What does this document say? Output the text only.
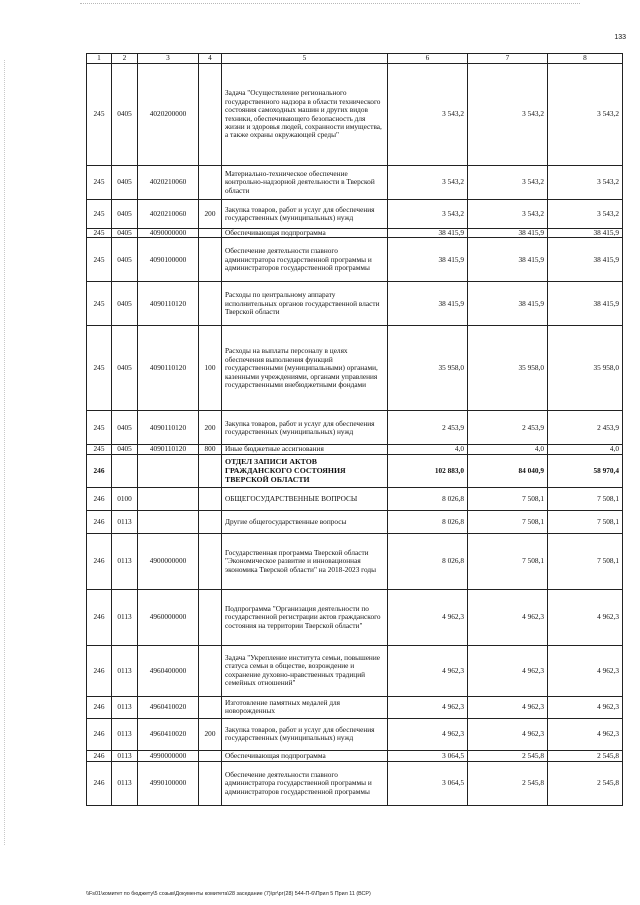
133
1	2	3	4	5	6	7	8
245	0405	4020200000		Задача "Осуществление регионального государственного надзора в области технического состояния самоходных машин и других видов техники, обеспечивающего безопасность для жизни и здоровья людей, сохранности имущества, а также охраны окружающей среды"	3 543,2	3 543,2	3 543,2
245	0405	4020210060		Материально-техническое обеспечение контрольно-надзорной деятельности в Тверской области	3 543,2	3 543,2	3 543,2
245	0405	4020210060	200	Закупка товаров, работ и услуг для обеспечения государственных (муниципальных) нужд	3 543,2	3 543,2	3 543,2
245	0405	4090000000		Обеспечивающая подпрограмма	38 415,9	38 415,9	38 415,9
245	0405	4090100000		Обеспечение деятельности главного администратора государственной программы и администраторов государственной программы	38 415,9	38 415,9	38 415,9
245	0405	4090110120		Расходы по центральному аппарату исполнительных органов государственной власти Тверской области	38 415,9	38 415,9	38 415,9
245	0405	4090110120	100	Расходы на выплаты персоналу в целях обеспечения выполнения функций государственными (муниципальными) органами, казенными учреждениями, органами управления государственными внебюджетными фондами	35 958,0	35 958,0	35 958,0
245	0405	4090110120	200	Закупка товаров, работ и услуг для обеспечения государственных (муниципальных) нужд	2 453,9	2 453,9	2 453,9
245	0405	4090110120	800	Иные бюджетные ассигнования	4,0	4,0	4,0
246				ОТДЕЛ ЗАПИСИ АКТОВ ГРАЖДАНСКОГО СОСТОЯНИЯ ТВЕРСКОЙ ОБЛАСТИ	102 883,0	84 040,9	58 970,4
246	0100			ОБЩЕГОСУДАРСТВЕННЫЕ ВОПРОСЫ	8 026,8	7 508,1	7 508,1
246	0113			Другие общегосударственные вопросы	8 026,8	7 508,1	7 508,1
246	0113	4900000000		Государственная программа Тверской области "Экономическое развитие и инновационная экономика Тверской области" на 2018-2023 годы	8 026,8	7 508,1	7 508,1
246	0113	4960000000		Подпрограмма "Организация деятельности по государственной регистрации актов гражданского состояния на территории Тверской области"	4 962,3	4 962,3	4 962,3
246	0113	4960400000		Задача "Укрепление института семьи, повышение статуса семьи в обществе, возрождение и сохранение духовно-нравственных традиций семейных отношений"	4 962,3	4 962,3	4 962,3
246	0113	4960410020		Изготовление памятных медалей для новорожденных	4 962,3	4 962,3	4 962,3
246	0113	4960410020	200	Закупка товаров, работ и услуг для обеспечения государственных (муниципальных) нужд	4 962,3	4 962,3	4 962,3
246	0113	4990000000		Обеспечивающая подпрограмма	3 064,5	2 545,8	2 545,8
246	0113	4990100000		Обеспечение деятельности главного администратора государственной программы и администраторов государственной программы	3 064,5	2 545,8	2 545,8
\\Fs01\комитет по бюджету\5 созыв\Документы комитета\28 заседание (7)\рг\рг(28) 544-П-6\Прил 5 Прил 11 (ВСР)
